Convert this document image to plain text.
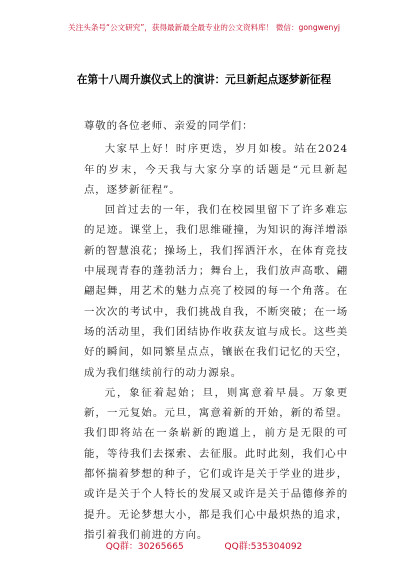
关注头条号“公文研究”，获得最新最全最专业的公文资料库！ 微信：gongwenyj
在第十八周升旗仪式上的演讲：元旦新起点逐梦新征程

尊敬的各位老师、亲爱的同学们：

大家早上好！时序更迭，岁月如梭。站在2024年的岁末，今天我与大家分享的话题是“元旦新起点，逐梦新征程”。

回首过去的一年，我们在校园里留下了许多难忘的足迹。课堂上，我们思维碰撞，为知识的海洋增添新的智慧浪花；操场上，我们挥洒汗水，在体育竞技中展现青春的蓬勃活力；舞台上，我们放声高歌、翩翩起舞，用艺术的魅力点亮了校园的每一个角落。在一次次的考试中，我们挑战自我，不断突破；在一场场的活动里，我们团结协作收获友谊与成长。这些美好的瞬间，如同繁星点点，镶嵌在我们记忆的天空，成为我们继续前行的动力源泉。

元，象征着起始；旦，则寓意着早晨。万象更新，一元复始。元旦，寓意着新的开始，新的希望。我们即将站在一条崭新的跑道上，前方是无限的可能，等待我们去探索、去征服。此时此刻，我们心中都怀揣着梦想的种子，它们或许是关于学业的进步，或许是关于个人特长的发展又或许是关于品德修养的提升。无论梦想大小，都是我们心中最炽热的追求，指引着我们前进的方向。

QQ群：30265665	QQ群:535304092
